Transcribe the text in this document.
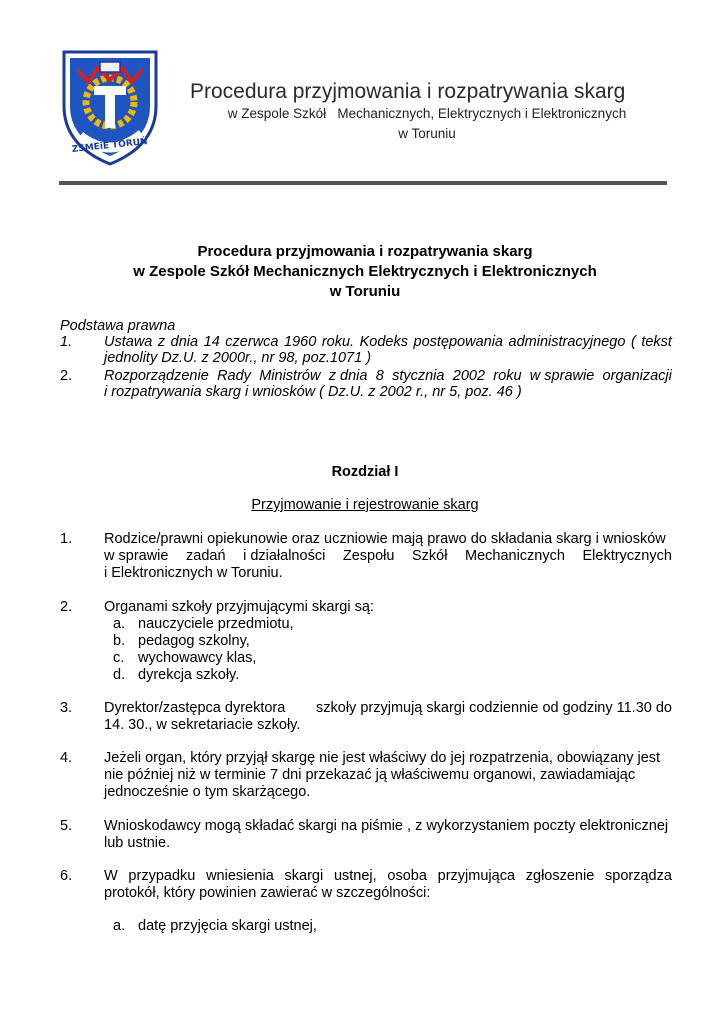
ZSMEiE TORUŃ
Procedura przyjmowania i rozpatrywania skarg
w Zespole Szkół   Mechanicznych, Elektrycznych i Elektronicznych
w Toruniu
Procedura przyjmowania i rozpatrywania skarg
w Zespole Szkół Mechanicznych Elektrycznych i Elektronicznych
w Toruniu
Podstawa prawna
1. Ustawa z dnia 14 czerwca 1960 roku. Kodeks postępowania administracyjnego ( tekst
jednolity Dz.U. z 2000r., nr 98, poz.1071 )
2. Rozporządzenie Rady Ministrów z dnia 8 stycznia 2002 roku w sprawie organizacji
i rozpatrywania skarg i wniosków ( Dz.U. z 2002 r., nr 5, poz. 46 )
Rozdział I
Przyjmowanie i rejestrowanie skarg
1. Rodzice/prawni opiekunowie oraz uczniowie mają prawo do składania skarg i wniosków
w sprawie zadań i działalności Zespołu Szkół Mechanicznych Elektrycznych
i Elektronicznych w Toruniu.
2. Organami szkoły przyjmującymi skargi są:
a. nauczyciele przedmiotu,
b. pedagog szkolny,
c. wychowawcy klas,
d. dyrekcja szkoły.
3. Dyrektor/zastępca dyrektora szkoły przyjmują skargi codziennie od godziny 11.30 do
14. 30., w sekretariacie szkoły.
4. Jeżeli organ, który przyjął skargę nie jest właściwy do jej rozpatrzenia, obowiązany jest
nie później niż w terminie 7 dni przekazać ją właściwemu organowi, zawiadamiając
jednocześnie o tym skarżącego.
5. Wnioskodawcy mogą składać skargi na piśmie , z wykorzystaniem poczty elektronicznej
lub ustnie.
6. W przypadku wniesienia skargi ustnej, osoba przyjmująca zgłoszenie sporządza
protokół, który powinien zawierać w szczególności:
a. datę przyjęcia skargi ustnej,
